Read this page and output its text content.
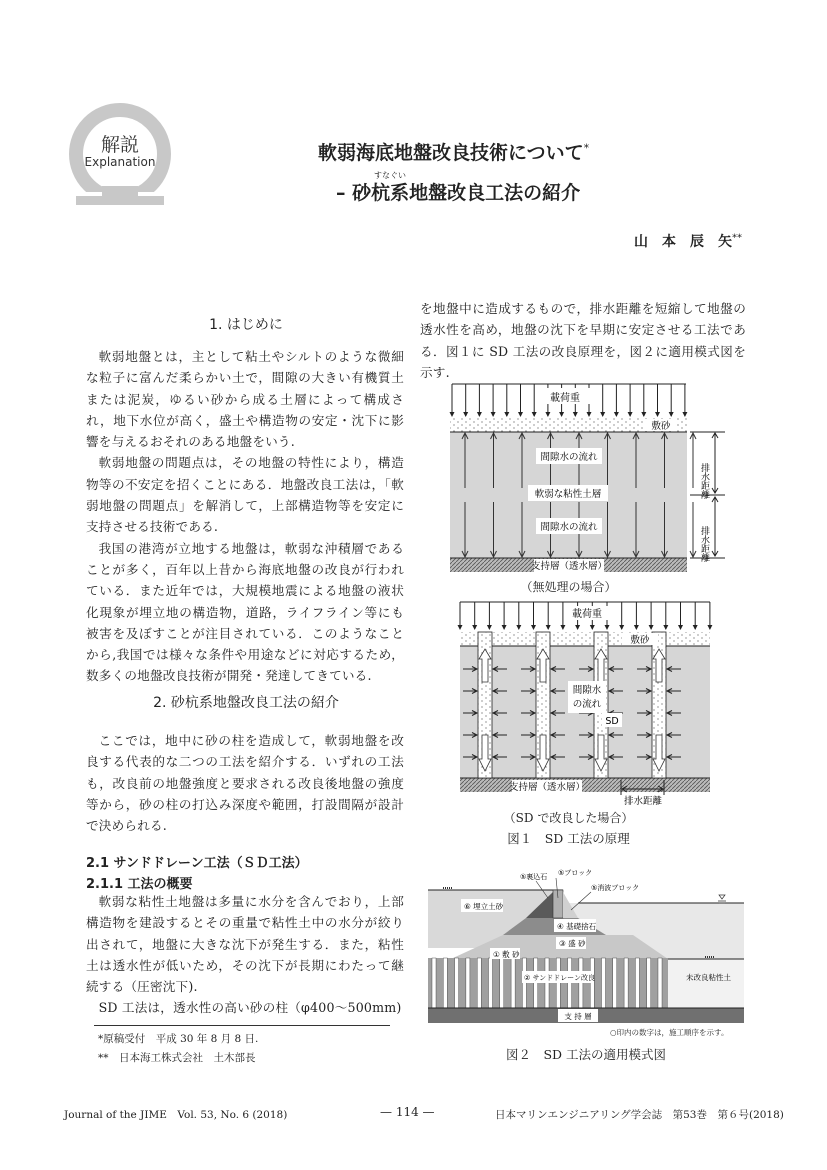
解説
Explanation	軟弱海底地盤改良技術について*
すなぐい
– 砂杭系地盤改良工法の紹介
山　本　辰　矢**
1. はじめに

軟弱地盤とは，主として粘土やシルトのような微細な粒子に富んだ柔らかい土で，間隙の大きい有機質土または泥炭，ゆるい砂から成る土層によって構成され，地下水位が高く，盛土や構造物の安定・沈下に影響を与えるおそれのある地盤をいう.

軟弱地盤の問題点は，その地盤の特性により，構造物等の不安定を招くことにある．地盤改良工法は，「軟弱地盤の問題点」を解消して，上部構造物等を安定に支持させる技術である.

我国の港湾が立地する地盤は，軟弱な沖積層であることが多く，百年以上昔から海底地盤の改良が行われている．また近年では，大規模地震による地盤の液状化現象が埋立地の構造物，道路，ライフライン等にも被害を及ぼすことが注目されている．このようなことから,我国では様々な条件や用途などに対応するため，数多くの地盤改良技術が開発・発達してきている.

2. 砂杭系地盤改良工法の紹介

ここでは，地中に砂の柱を造成して，軟弱地盤を改良する代表的な二つの工法を紹介する．いずれの工法も，改良前の地盤強度と要求される改良後地盤の強度等から，砂の柱の打込み深度や範囲，打設間隔が設計で決められる.

2.1 サンドドレーン工法（ＳＤ工法）
2.1.1 工法の概要

軟弱な粘性土地盤は多量に水分を含んでおり，上部構造物を建設するとその重量で粘性土中の水分が絞り出されて，地盤に大きな沈下が発生する．また，粘性土は透水性が低いため，その沈下が長期にわたって継続する（圧密沈下).

SD 工法は，透水性の高い砂の柱（φ400～500mm)

*原稿受付　平成 30 年 8 月 8 日.
**　日本海工株式会社　土木部長
を地盤中に造成するもので，排水距離を短縮して地盤の透水性を高め，地盤の沈下を早期に安定させる工法である．図１に SD 工法の改良原理を，図２に適用模式図を示す.
載荷重
敷砂
間隙水の流れ
軟弱な粘性土層
間隙水の流れ
支持層（透水層）
排水距離
排水距離
（無処理の場合）
載荷重
敷砂
間隙水
の流れ
SD
支持層（透水層）
排水距離
（SD で改良した場合）
図１　SD 工法の原理
⑤裏込石 ⑤ブロック
⑤消波ブロック
⑥ 埋立土砂
④ 基礎捨石
③ 盛 砂
① 敷 砂
② サンドドレーン改良	未改良粘性土
支 持 層
○印内の数字は，施工順序を示す。
図２　SD 工法の適用模式図
Journal of the JIME　Vol. 53, No. 6 (2018)	— 114 —	日本マリンエンジニアリング学会誌　第53巻　第６号(2018)
